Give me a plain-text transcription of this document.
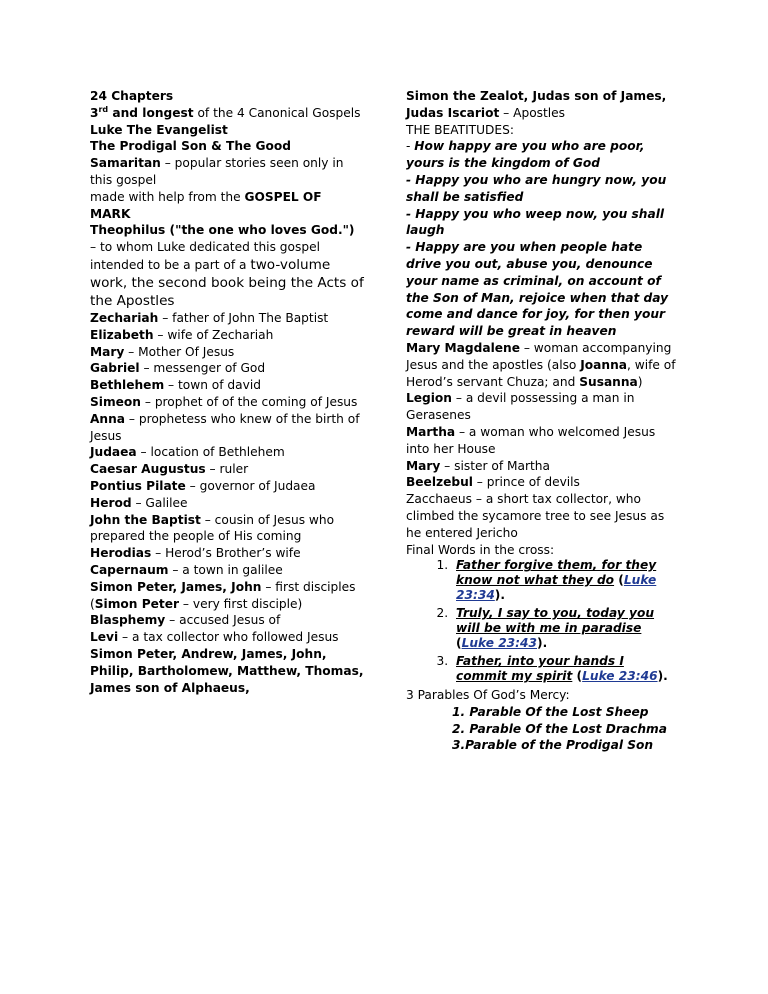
24 Chapters

3rd and longest of the 4 Canonical Gospels

Luke The Evangelist

The Prodigal Son & The Good Samaritan – popular stories seen only in this gospel

made with help from the GOSPEL OF MARK

Theophilus ("the one who loves God.") – to whom Luke dedicated this gospel

intended to be a part of a two-volume work, the second book being the Acts of the Apostles

Zechariah – father of John The Baptist

Elizabeth – wife of Zechariah

Mary – Mother Of Jesus

Gabriel – messenger of God

Bethlehem – town of david

Simeon – prophet of of the coming of Jesus

Anna – prophetess who knew of the birth of Jesus

Judaea – location of Bethlehem

Caesar Augustus – ruler

Pontius Pilate – governor of Judaea

Herod – Galilee

John the Baptist – cousin of Jesus who prepared the people of His coming

Herodias – Herod’s Brother’s wife

Capernaum – a town in galilee

Simon Peter, James, John – first disciples (Simon Peter – very first disciple)

Blasphemy – accused Jesus of

Levi – a tax collector who followed Jesus

Simon Peter, Andrew, James, John, Philip, Bartholomew, Matthew, Thomas, James son of Alphaeus,

Simon the Zealot, Judas son of James, Judas Iscariot – Apostles

THE BEATITUDES:

- How happy are you who are poor, yours is the kingdom of God

- Happy you who are hungry now, you shall be satisfied

- Happy you who weep now, you shall laugh

- Happy are you when people hate drive you out, abuse you, denounce your name as criminal, on account of the Son of Man, rejoice when that day come and dance for joy, for then your reward will be great in heaven

Mary Magdalene – woman accompanying Jesus and the apostles (also Joanna, wife of Herod’s servant Chuza; and Susanna)

Legion – a devil possessing a man in Gerasenes

Martha – a woman who welcomed Jesus into her House

Mary – sister of Martha

Beelzebul – prince of devils

Zacchaeus – a short tax collector, who climbed the sycamore tree to see Jesus as he entered Jericho

Final Words in the cross:

1. Father forgive them, for they know not what they do (Luke 23:34).
2. Truly, I say to you, today you will be with me in paradise (Luke 23:43).
3. Father, into your hands I commit my spirit (Luke 23:46).

3 Parables Of God’s Mercy:

1. Parable Of the Lost Sheep

2. Parable Of the Lost Drachma

3.Parable of the Prodigal Son
